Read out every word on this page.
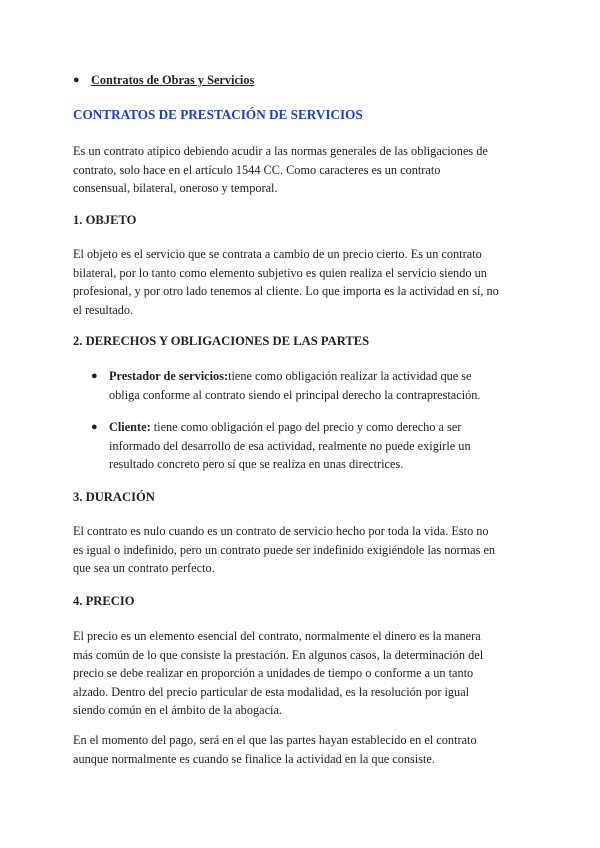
● Contratos de Obras y Servicios
CONTRATOS DE PRESTACIÓN DE SERVICIOS
Es un contrato atípico debiendo acudir a las normas generales de las obligaciones de
contrato, solo hace en el artículo 1544 CC. Como caracteres es un contrato
consensual, bilateral, oneroso y temporal.
1. OBJETO
El objeto es el servicio que se contrata a cambio de un precio cierto. Es un contrato
bilateral, por lo tanto como elemento subjetivo es quien realiza el servicio siendo un
profesional, y por otro lado tenemos al cliente. Lo que importa es la actividad en sí, no
el resultado.
2. DERECHOS Y OBLIGACIONES DE LAS PARTES
● Prestador de servicios:tiene como obligación realizar la actividad que se
obliga conforme al contrato siendo el principal derecho la contraprestación.
● Cliente: tiene como obligación el pago del precio y como derecho a ser
informado del desarrollo de esa actividad, realmente no puede exigirle un
resultado concreto pero sí que se realiza en unas directrices.
3. DURACIÓN
El contrato es nulo cuando es un contrato de servicio hecho por toda la vida. Esto no
es igual o indefinido, pero un contrato puede ser indefinido exigiéndole las normas en
que sea un contrato perfecto.
4. PRECIO
El precio es un elemento esencial del contrato, normalmente el dinero es la manera
más común de lo que consiste la prestación. En algunos casos, la determinación del
precio se debe realizar en proporción a unidades de tiempo o conforme a un tanto
alzado. Dentro del precio particular de esta modalidad, es la resolución por igual
siendo común en el ámbito de la abogacía.
En el momento del pago, será en el que las partes hayan establecido en el contrato
aunque normalmente es cuando se finalice la actividad en la que consiste.
